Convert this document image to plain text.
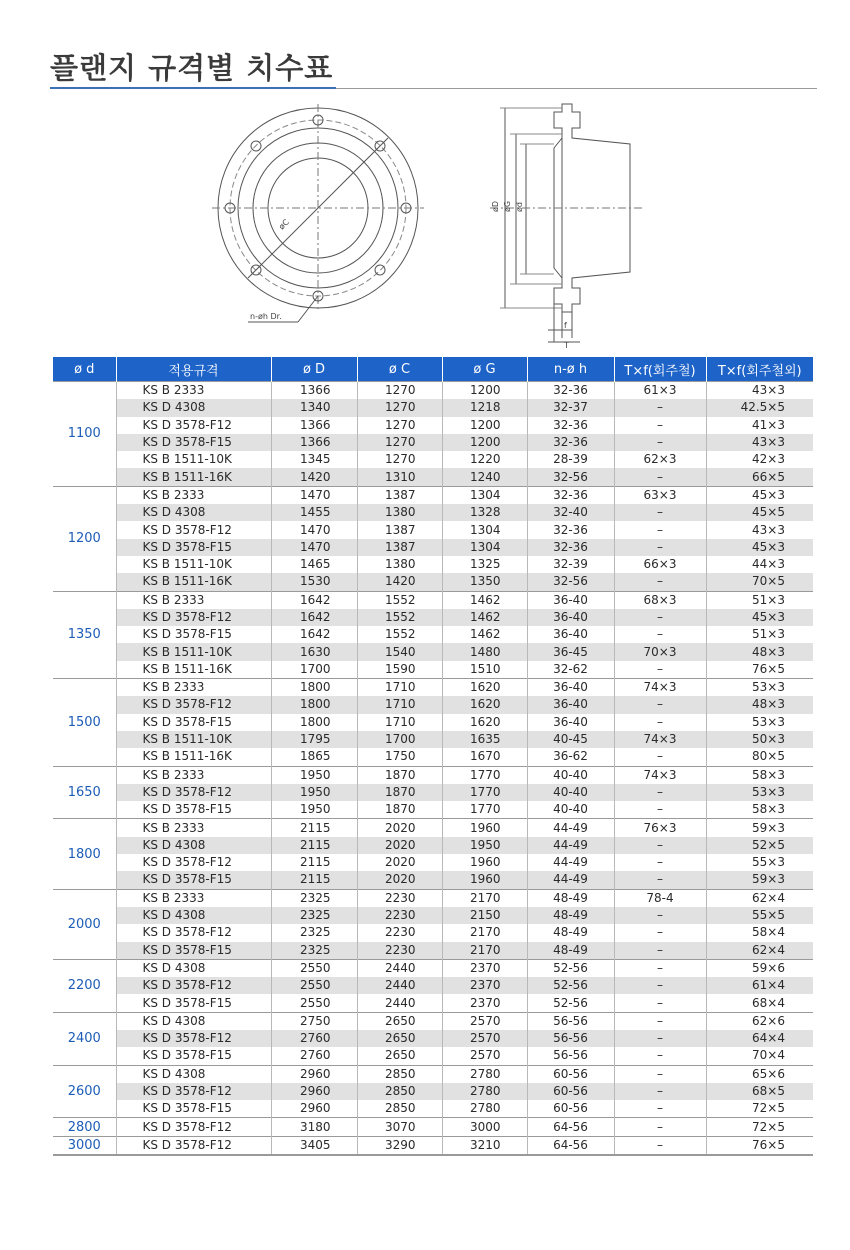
플랜지 규격별 치수표
øC
n-øh Dr.
øD øG ød
f
T
ø d	적용규격	ø D	ø C	ø G	n-ø h	T×f(회주철)	T×f(회주철외)
1100	KS B 2333	1366	1270	1200	32-36	61×3	43×3
	KS D 4308	1340	1270	1218	32-37	–	42.5×5
	KS D 3578-F12	1366	1270	1200	32-36	–	41×3
	KS D 3578-F15	1366	1270	1200	32-36	–	43×3
	KS B 1511-10K	1345	1270	1220	28-39	62×3	42×3
	KS B 1511-16K	1420	1310	1240	32-56	–	66×5
1200	KS B 2333	1470	1387	1304	32-36	63×3	45×3
	KS D 4308	1455	1380	1328	32-40	–	45×5
	KS D 3578-F12	1470	1387	1304	32-36	–	43×3
	KS D 3578-F15	1470	1387	1304	32-36	–	45×3
	KS B 1511-10K	1465	1380	1325	32-39	66×3	44×3
	KS B 1511-16K	1530	1420	1350	32-56	–	70×5
1350	KS B 2333	1642	1552	1462	36-40	68×3	51×3
	KS D 3578-F12	1642	1552	1462	36-40	–	45×3
	KS D 3578-F15	1642	1552	1462	36-40	–	51×3
	KS B 1511-10K	1630	1540	1480	36-45	70×3	48×3
	KS B 1511-16K	1700	1590	1510	32-62	–	76×5
1500	KS B 2333	1800	1710	1620	36-40	74×3	53×3
	KS D 3578-F12	1800	1710	1620	36-40	–	48×3
	KS D 3578-F15	1800	1710	1620	36-40	–	53×3
	KS B 1511-10K	1795	1700	1635	40-45	74×3	50×3
	KS B 1511-16K	1865	1750	1670	36-62	–	80×5
1650	KS B 2333	1950	1870	1770	40-40	74×3	58×3
	KS D 3578-F12	1950	1870	1770	40-40	–	53×3
	KS D 3578-F15	1950	1870	1770	40-40	–	58×3
1800	KS B 2333	2115	2020	1960	44-49	76×3	59×3
	KS D 4308	2115	2020	1950	44-49	–	52×5
	KS D 3578-F12	2115	2020	1960	44-49	–	55×3
	KS D 3578-F15	2115	2020	1960	44-49	–	59×3
2000	KS B 2333	2325	2230	2170	48-49	78-4	62×4
	KS D 4308	2325	2230	2150	48-49	–	55×5
	KS D 3578-F12	2325	2230	2170	48-49	–	58×4
	KS D 3578-F15	2325	2230	2170	48-49	–	62×4
2200	KS D 4308	2550	2440	2370	52-56	–	59×6
	KS D 3578-F12	2550	2440	2370	52-56	–	61×4
	KS D 3578-F15	2550	2440	2370	52-56	–	68×4
2400	KS D 4308	2750	2650	2570	56-56	–	62×6
	KS D 3578-F12	2760	2650	2570	56-56	–	64×4
	KS D 3578-F15	2760	2650	2570	56-56	–	70×4
2600	KS D 4308	2960	2850	2780	60-56	–	65×6
	KS D 3578-F12	2960	2850	2780	60-56	–	68×5
	KS D 3578-F15	2960	2850	2780	60-56	–	72×5
2800	KS D 3578-F12	3180	3070	3000	64-56	–	72×5
3000	KS D 3578-F12	3405	3290	3210	64-56	–	76×5
